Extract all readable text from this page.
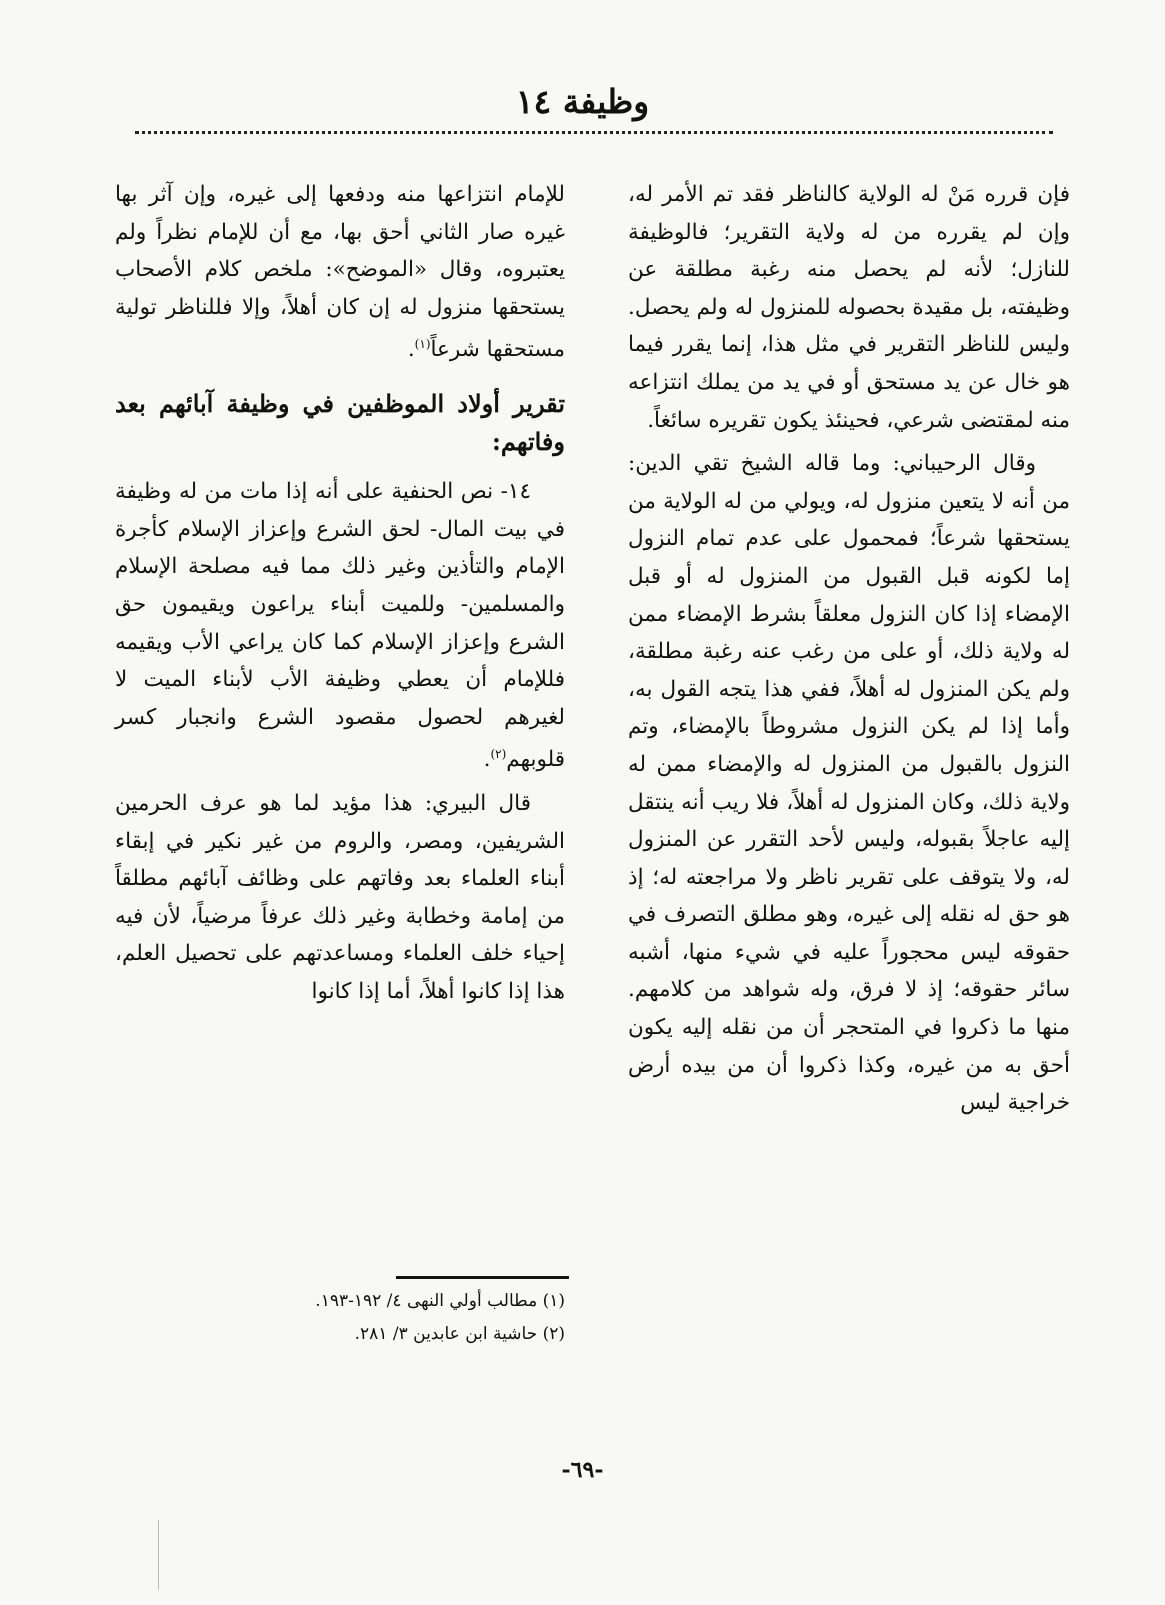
وظيفة ١٤

فإن قرره مَنْ له الولاية كالناظر فقد تم الأمر له، وإن لم يقرره من له ولاية التقرير؛ فالوظيفة للنازل؛ لأنه لم يحصل منه رغبة مطلقة عن وظيفته، بل مقيدة بحصوله للمنزول له ولم يحصل. وليس للناظر التقرير في مثل هذا، إنما يقرر فيما هو خال عن يد مستحق أو في يد من يملك انتزاعه منه لمقتضى شرعي، فحينئذ يكون تقريره سائغاً.

وقال الرحيباني: وما قاله الشيخ تقي الدين: من أنه لا يتعين منزول له، ويولي من له الولاية من يستحقها شرعاً؛ فمحمول على عدم تمام النزول إما لكونه قبل القبول من المنزول له أو قبل الإمضاء إذا كان النزول معلقاً بشرط الإمضاء ممن له ولاية ذلك، أو على من رغب عنه رغبة مطلقة، ولم يكن المنزول له أهلاً، ففي هذا يتجه القول به، وأما إذا لم يكن النزول مشروطاً بالإمضاء، وتم النزول بالقبول من المنزول له والإمضاء ممن له ولاية ذلك، وكان المنزول له أهلاً، فلا ريب أنه ينتقل إليه عاجلاً بقبوله، وليس لأحد التقرر عن المنزول له، ولا يتوقف على تقرير ناظر ولا مراجعته له؛ إذ هو حق له نقله إلى غيره، وهو مطلق التصرف في حقوقه ليس محجوراً عليه في شيء منها، أشبه سائر حقوقه؛ إذ لا فرق، وله شواهد من كلامهم. منها ما ذكروا في المتحجر أن من نقله إليه يكون أحق به من غيره، وكذا ذكروا أن من بيده أرض خراجية ليس

للإمام انتزاعها منه ودفعها إلى غيره، وإن آثر بها غيره صار الثاني أحق بها، مع أن للإمام نظراً ولم يعتبروه، وقال «الموضح»: ملخص كلام الأصحاب يستحقها منزول له إن كان أهلاً، وإلا فللناظر تولية مستحقها شرعاً$^{(١)}$.

تقرير أولاد الموظفين في وظيفة آبائهم بعد وفاتهم:

١٤- نص الحنفية على أنه إذا مات من له وظيفة في بيت المال- لحق الشرع وإعزاز الإسلام كأجرة الإمام والتأذين وغير ذلك مما فيه مصلحة الإسلام والمسلمين- وللميت أبناء يراعون ويقيمون حق الشرع وإعزاز الإسلام كما كان يراعي الأب ويقيمه فللإمام أن يعطي وظيفة الأب لأبناء الميت لا لغيرهم لحصول مقصود الشرع وانجبار كسر قلوبهم$^{(٢)}$.

قال البيري: هذا مؤيد لما هو عرف الحرمين الشريفين، ومصر، والروم من غير نكير في إبقاء أبناء العلماء بعد وفاتهم على وظائف آبائهم مطلقاً من إمامة وخطابة وغير ذلك عرفاً مرضياً، لأن فيه إحياء خلف العلماء ومساعدتهم على تحصيل العلم، هذا إذا كانوا أهلاً، أما إذا كانوا

(١) مطالب أولي النهى ٤/ ١٩٢-١٩٣.

(٢) حاشية ابن عابدين ٣/ ٢٨١.

-٦٩-
